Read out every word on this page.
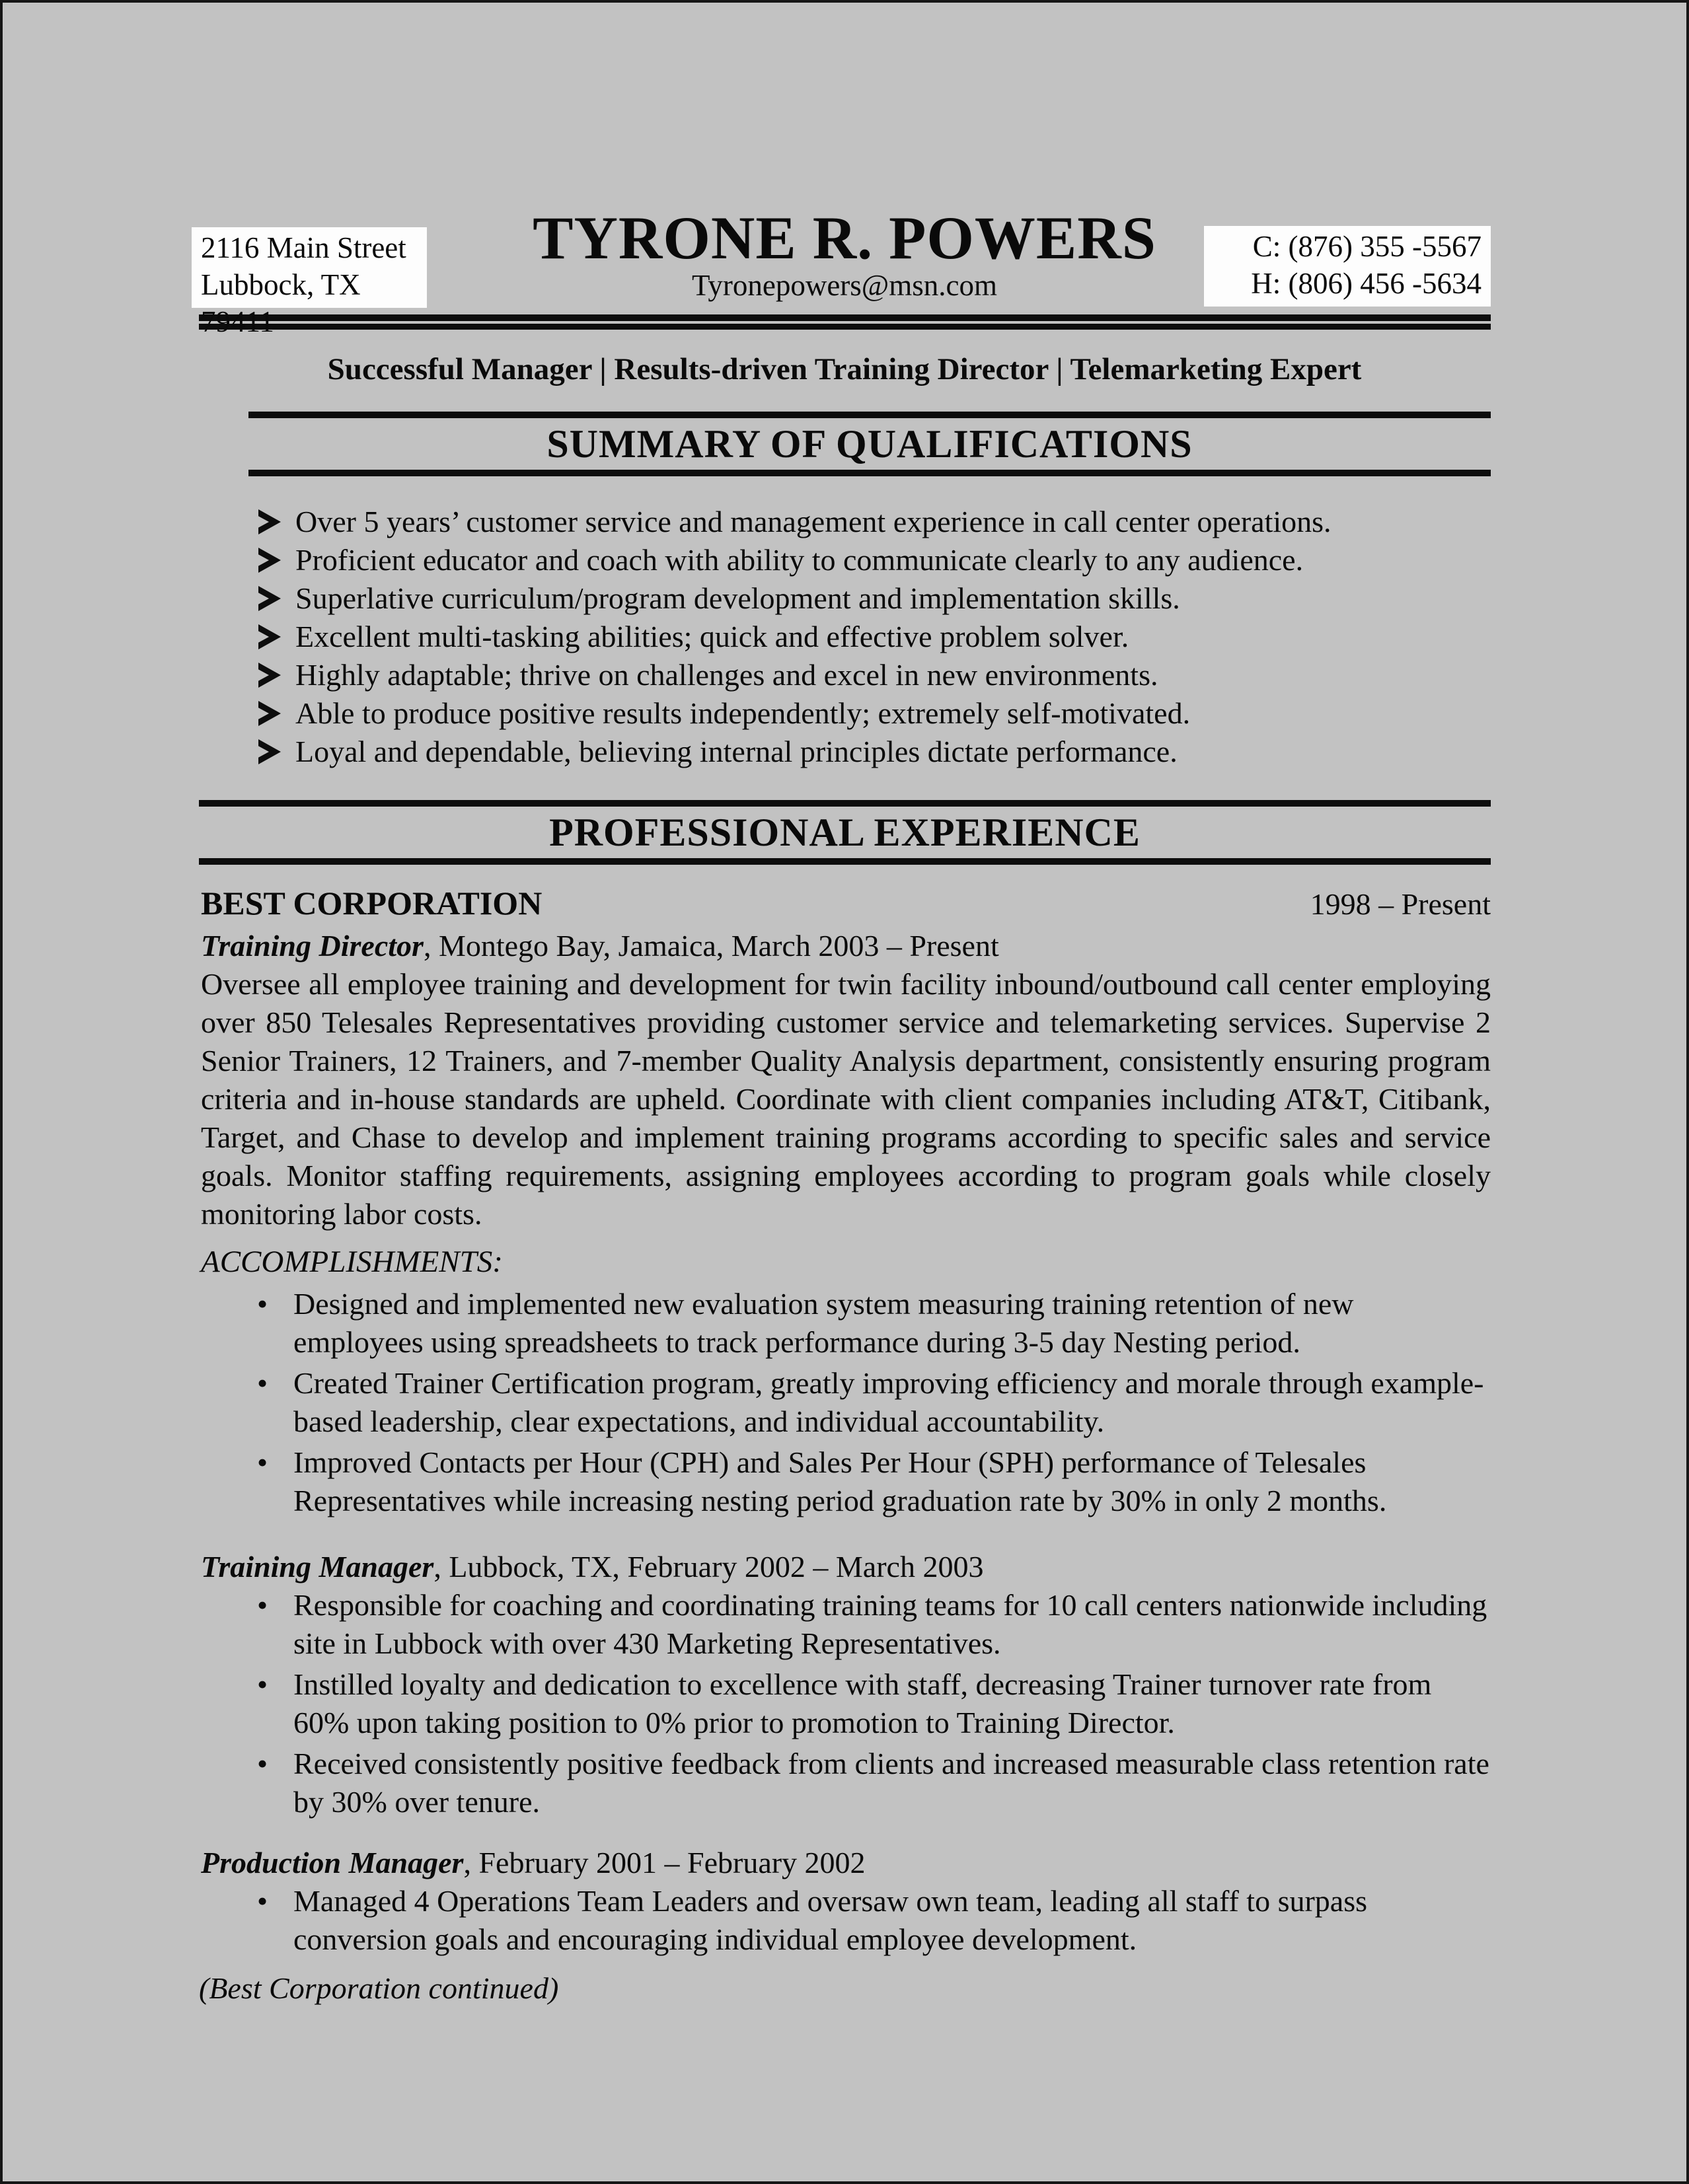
2116 Main Street
Lubbock, TX 79411
TYRONE R. POWERS
Tyronepowers@msn.com
C: (876) 355 -5567
H: (806) 456 -5634
Successful Manager | Results-driven Training Director | Telemarketing Expert
SUMMARY OF QUALIFICATIONS
Over 5 years’ customer service and management experience in call center operations.
Proficient educator and coach with ability to communicate clearly to any audience.
Superlative curriculum/program development and implementation skills.
Excellent multi-tasking abilities; quick and effective problem solver.
Highly adaptable; thrive on challenges and excel in new environments.
Able to produce positive results independently; extremely self-motivated.
Loyal and dependable, believing internal principles dictate performance.
PROFESSIONAL EXPERIENCE
BEST CORPORATION	1998 – Present
Training Director, Montego Bay, Jamaica, March 2003 – Present

Oversee all employee training and development for twin facility inbound/outbound call center employing over 850 Telesales Representatives providing customer service and telemarketing services. Supervise 2 Senior Trainers, 12 Trainers, and 7-member Quality Analysis department, consistently ensuring program criteria and in-house standards are upheld. Coordinate with client companies including AT&T, Citibank, Target, and Chase to develop and implement training programs according to specific sales and service goals. Monitor staffing requirements, assigning employees according to program goals while closely monitoring labor costs.

ACCOMPLISHMENTS:
• Designed and implemented new evaluation system measuring training retention of new employees using spreadsheets to track performance during 3-5 day Nesting period.
• Created Trainer Certification program, greatly improving efficiency and morale through example-based leadership, clear expectations, and individual accountability.
• Improved Contacts per Hour (CPH) and Sales Per Hour (SPH) performance of Telesales Representatives while increasing nesting period graduation rate by 30% in only 2 months.
Training Manager, Lubbock, TX, February 2002 – March 2003
• Responsible for coaching and coordinating training teams for 10 call centers nationwide including site in Lubbock with over 430 Marketing Representatives.
• Instilled loyalty and dedication to excellence with staff, decreasing Trainer turnover rate from 60% upon taking position to 0% prior to promotion to Training Director.
• Received consistently positive feedback from clients and increased measurable class retention rate by 30% over tenure.
Production Manager, February 2001 – February 2002
• Managed 4 Operations Team Leaders and oversaw own team, leading all staff to surpass conversion goals and encouraging individual employee development.
(Best Corporation continued)
